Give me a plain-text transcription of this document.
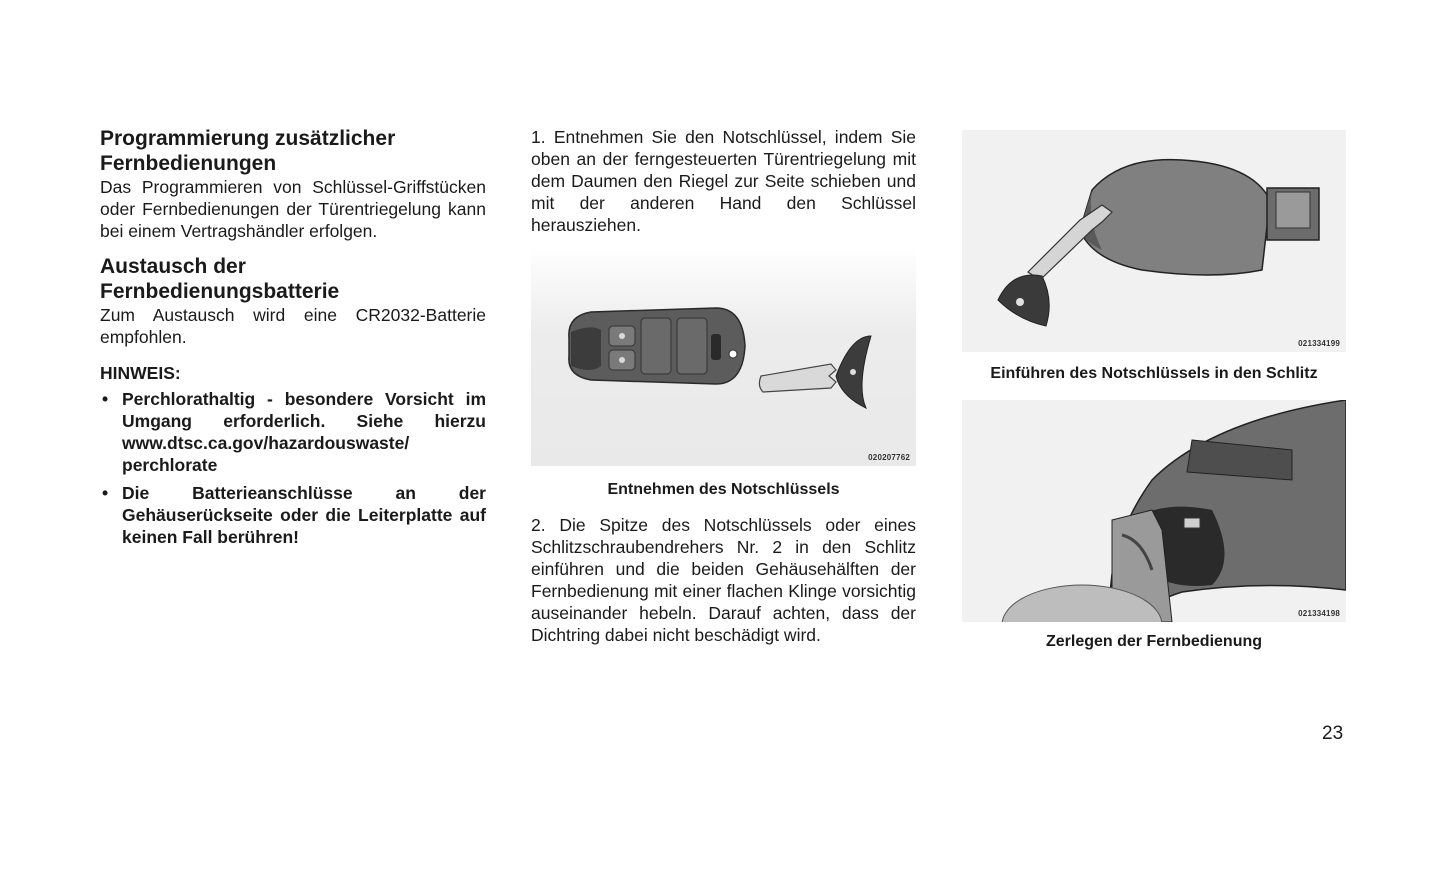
Programmierung zusätzlicher Fernbedienungen

Das Programmieren von Schlüssel-Griffstücken oder Fernbedienungen der Türentriegelung kann bei einem Vertragshändler erfolgen.

Austausch der Fernbedienungsbatterie

Zum Austausch wird eine CR2032-Batterie empfohlen.

HINWEIS:
• Perchlorathaltig - besondere Vorsicht im Umgang erforderlich. Siehe hierzu www.dtsc.ca.gov/hazardouswaste/ perchlorate
• Die Batterieanschlüsse an der Gehäuserückseite oder die Leiterplatte auf keinen Fall berühren!

1. Entnehmen Sie den Notschlüssel, indem Sie oben an der ferngesteuerten Türentriegelung mit dem Daumen den Riegel zur Seite schieben und mit der anderen Hand den Schlüssel herausziehen.

020207762
Entnehmen des Notschlüssels

2. Die Spitze des Notschlüssels oder eines Schlitzschraubendrehers Nr. 2 in den Schlitz einführen und die beiden Gehäusehälften der Fernbedienung mit einer flachen Klinge vorsichtig auseinander hebeln. Darauf achten, dass der Dichtring dabei nicht beschädigt wird.

021334199
Einführen des Notschlüssels in den Schlitz
021334198
Zerlegen der Fernbedienung
23
